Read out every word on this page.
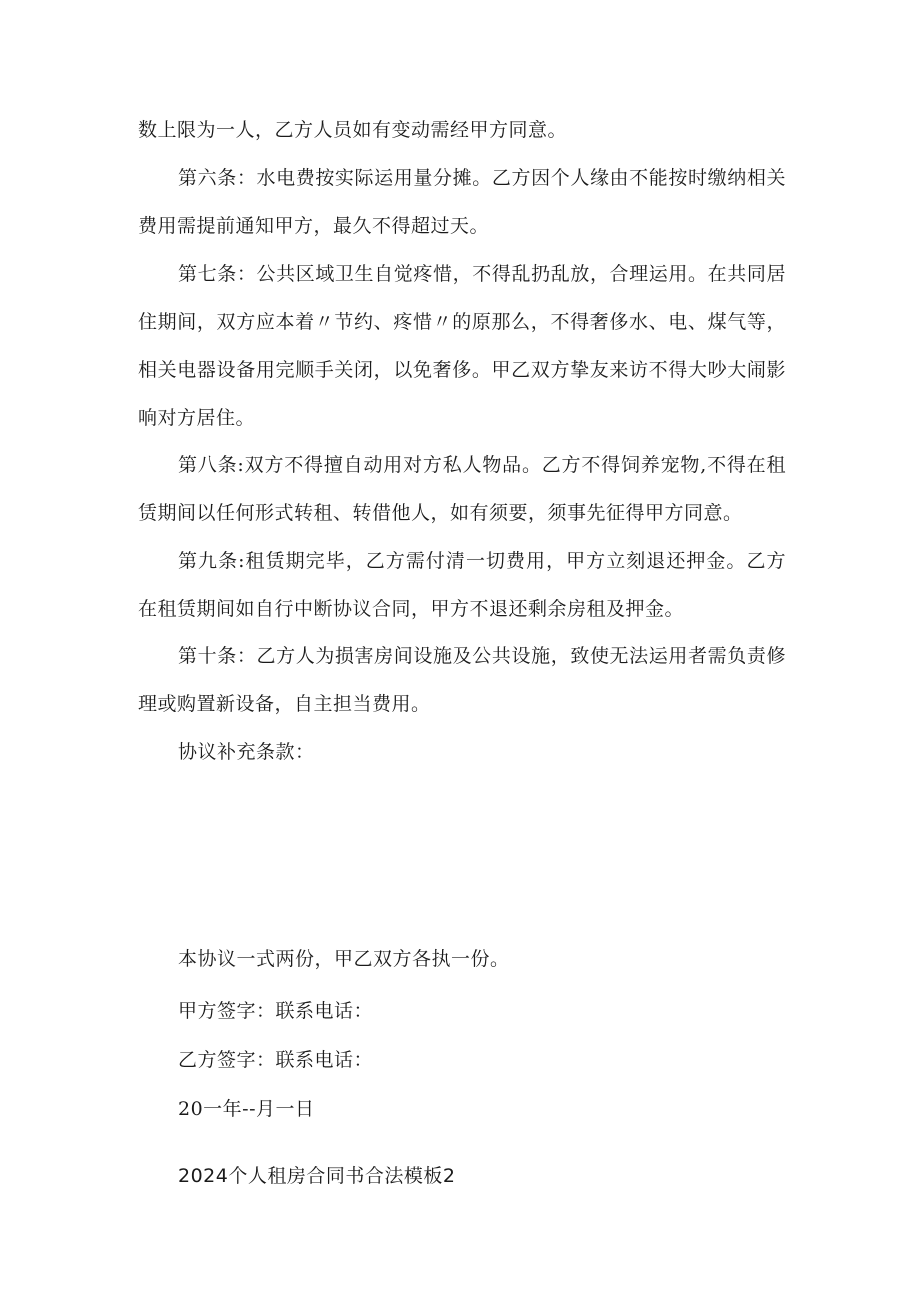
数上限为一人，乙方人员如有变动需经甲方同意。

第六条：水电费按实际运用量分摊。乙方因个人缘由不能按时缴纳相关费用需提前通知甲方，最久不得超过天。

第七条：公共区域卫生自觉疼惜，不得乱扔乱放，合理运用。在共同居住期间，双方应本着〃节约、疼惜〃的原那么，不得奢侈水、电、煤气等，相关电器设备用完顺手关闭，以免奢侈。甲乙双方挚友来访不得大吵大闹影响对方居住。

第八条:双方不得擅自动用对方私人物品。乙方不得饲养宠物,不得在租赁期间以任何形式转租、转借他人，如有须要，须事先征得甲方同意。

第九条:租赁期完毕，乙方需付清一切费用，甲方立刻退还押金。乙方在租赁期间如自行中断协议合同，甲方不退还剩余房租及押金。

第十条：乙方人为损害房间设施及公共设施，致使无法运用者需负责修理或购置新设备，自主担当费用。

协议补充条款：

本协议一式两份，甲乙双方各执一份。

甲方签字：联系电话：

乙方签字：联系电话：

20一年--月一日

2024个人租房合同书合法模板2
